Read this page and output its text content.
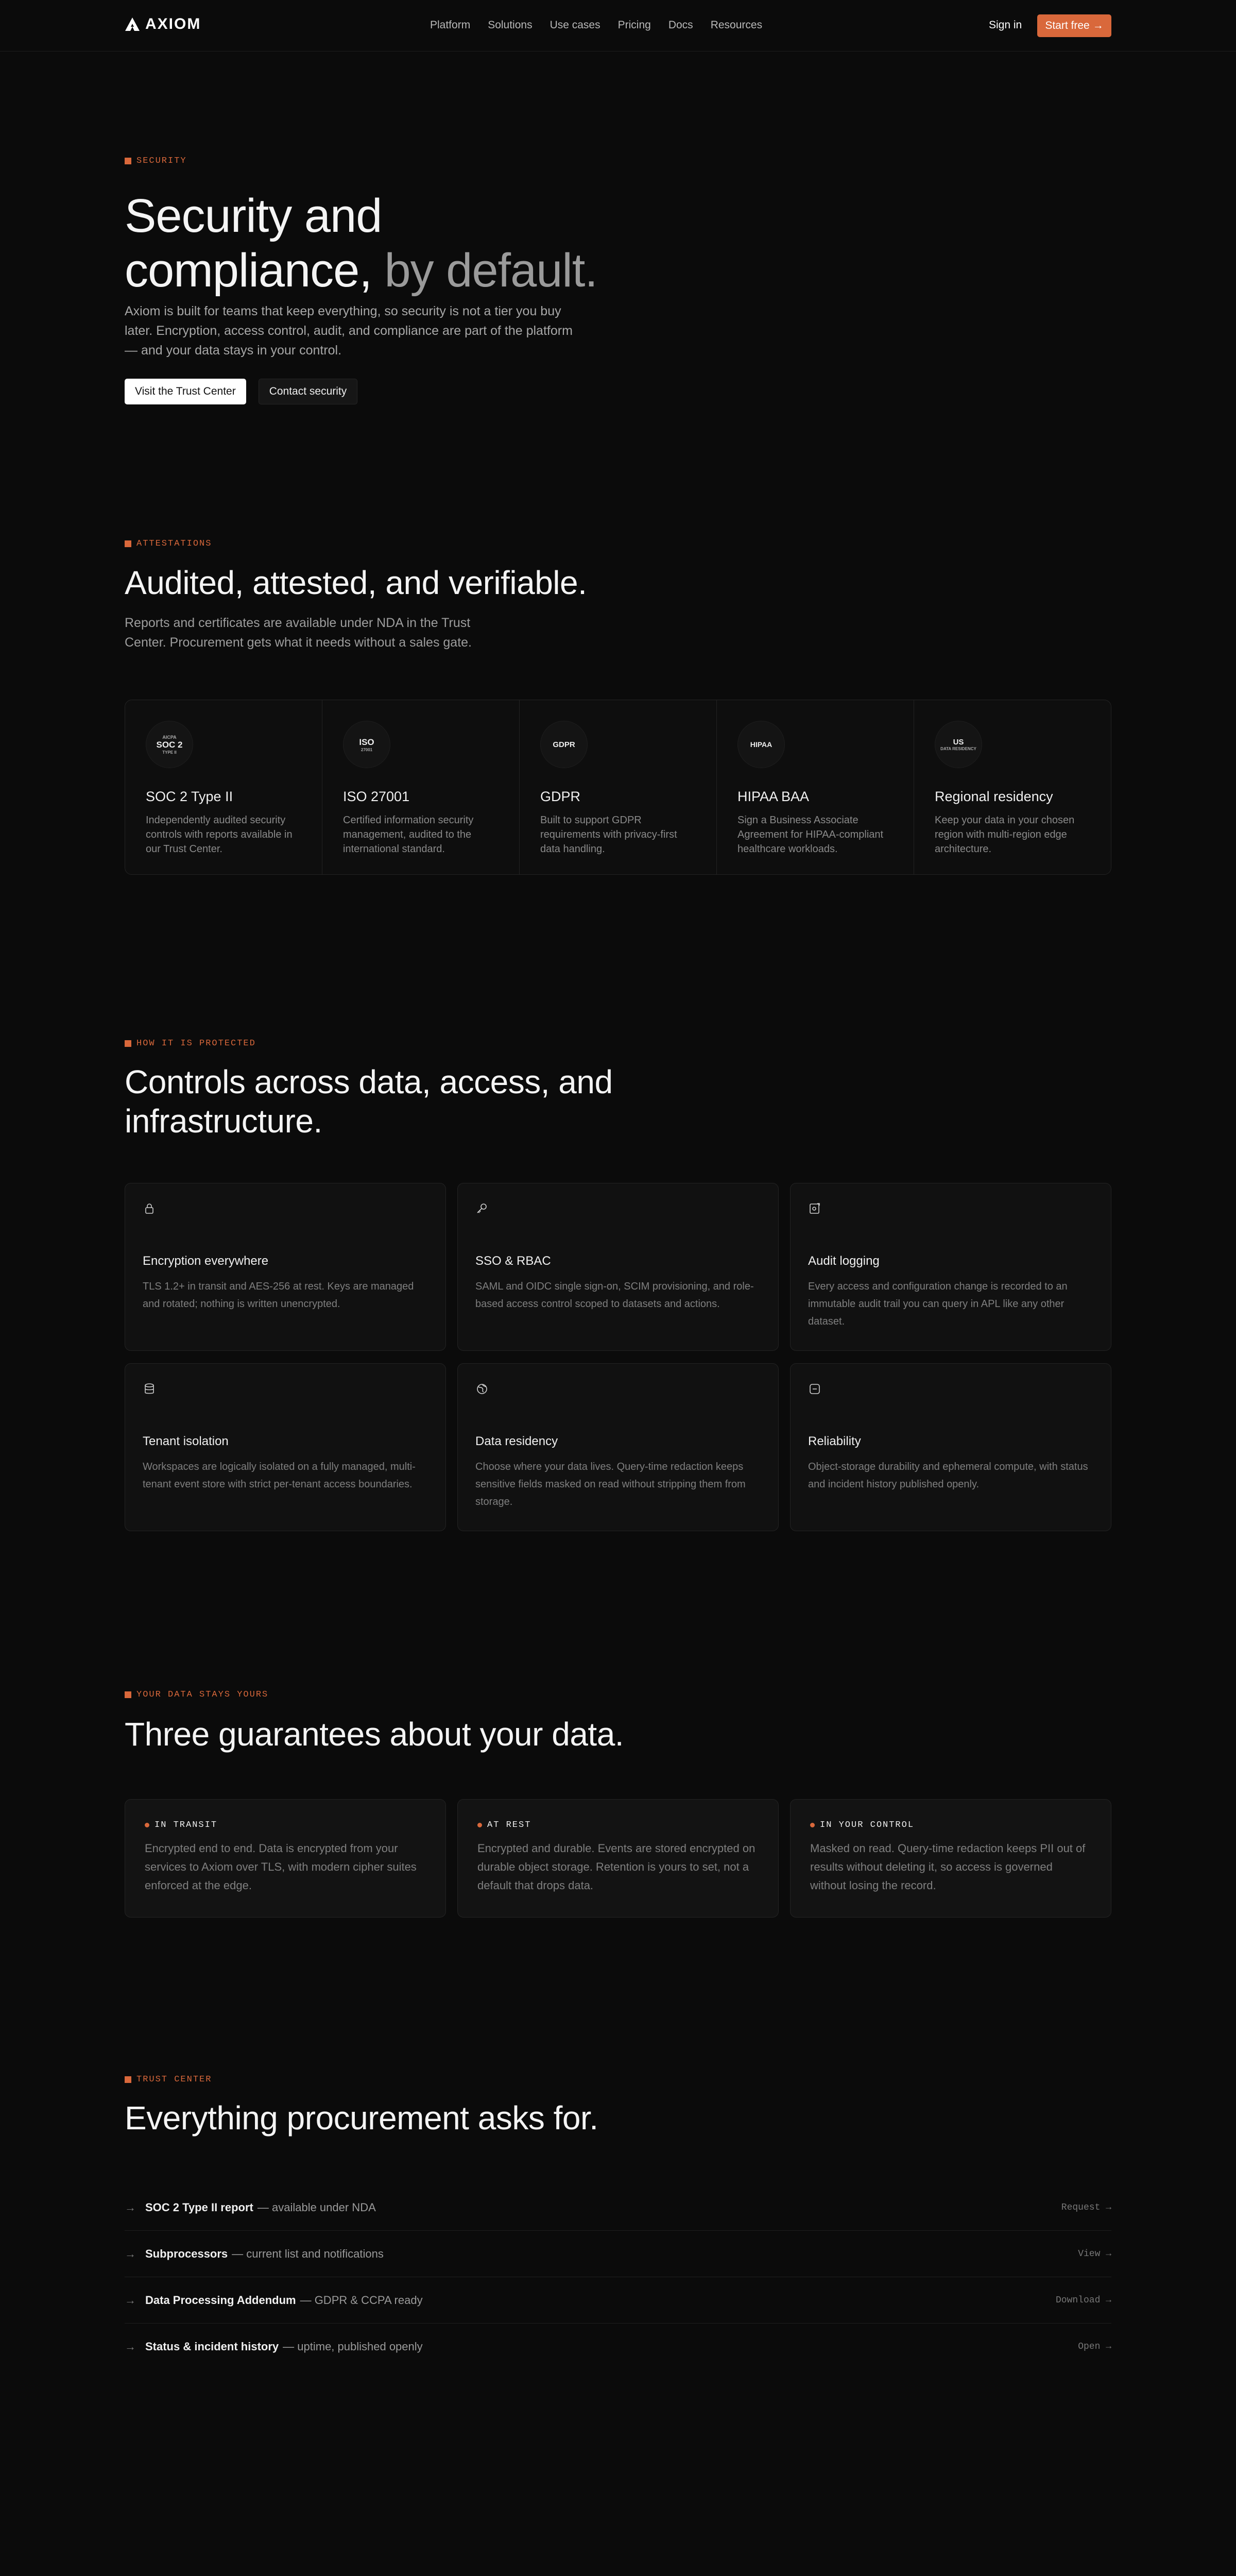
AXIOM	Platform Solutions Use cases Pricing Docs Resources	Sign in Start free →
SECURITY
Security and
compliance, by default.
Axiom is built for teams that keep everything, so security is not a tier you buy later. Encryption, access control, audit, and compliance are part of the platform — and your data stays in your control.
Visit the Trust Center	Contact security
ATTESTATIONS
Audited, attested, and verifiable.
Reports and certificates are available under NDA in the Trust Center. Procurement gets what it needs without a sales gate.
AICPA
SOC 2
TYPE II
SOC 2 Type II
Independently audited security controls with reports available in our Trust Center.
ISO
27001
ISO 27001
Certified information security management, audited to the international standard.
GDPR
GDPR
Built to support GDPR requirements with privacy-first data handling.
HIPAA
HIPAA BAA
Sign a Business Associate Agreement for HIPAA-compliant healthcare workloads.
US
DATA RESIDENCY
Regional residency
Keep your data in your chosen region with multi-region edge architecture.
HOW IT IS PROTECTED
Controls across data, access, and
infrastructure.
Encryption everywhere
TLS 1.2+ in transit and AES-256 at rest. Keys are managed and rotated; nothing is written unencrypted.
SSO & RBAC
SAML and OIDC single sign-on, SCIM provisioning, and role-based access control scoped to datasets and actions.
Audit logging
Every access and configuration change is recorded to an immutable audit trail you can query in APL like any other dataset.
Tenant isolation
Workspaces are logically isolated on a fully managed, multi-tenant event store with strict per-tenant access boundaries.
Data residency
Choose where your data lives. Query-time redaction keeps sensitive fields masked on read without stripping them from storage.
Reliability
Object-storage durability and ephemeral compute, with status and incident history published openly.
YOUR DATA STAYS YOURS
Three guarantees about your data.
IN TRANSIT
Encrypted end to end. Data is encrypted from your services to Axiom over TLS, with modern cipher suites enforced at the edge.
AT REST
Encrypted and durable. Events are stored encrypted on durable object storage. Retention is yours to set, not a default that drops data.
IN YOUR CONTROL
Masked on read. Query-time redaction keeps PII out of results without deleting it, so access is governed without losing the record.
TRUST CENTER
Everything procurement asks for.
→ SOC 2 Type II report — available under NDA	Request →
→ Subprocessors — current list and notifications	View →
→ Data Processing Addendum — GDPR & CCPA ready	Download →
→ Status & incident history — uptime, published openly	Open →
